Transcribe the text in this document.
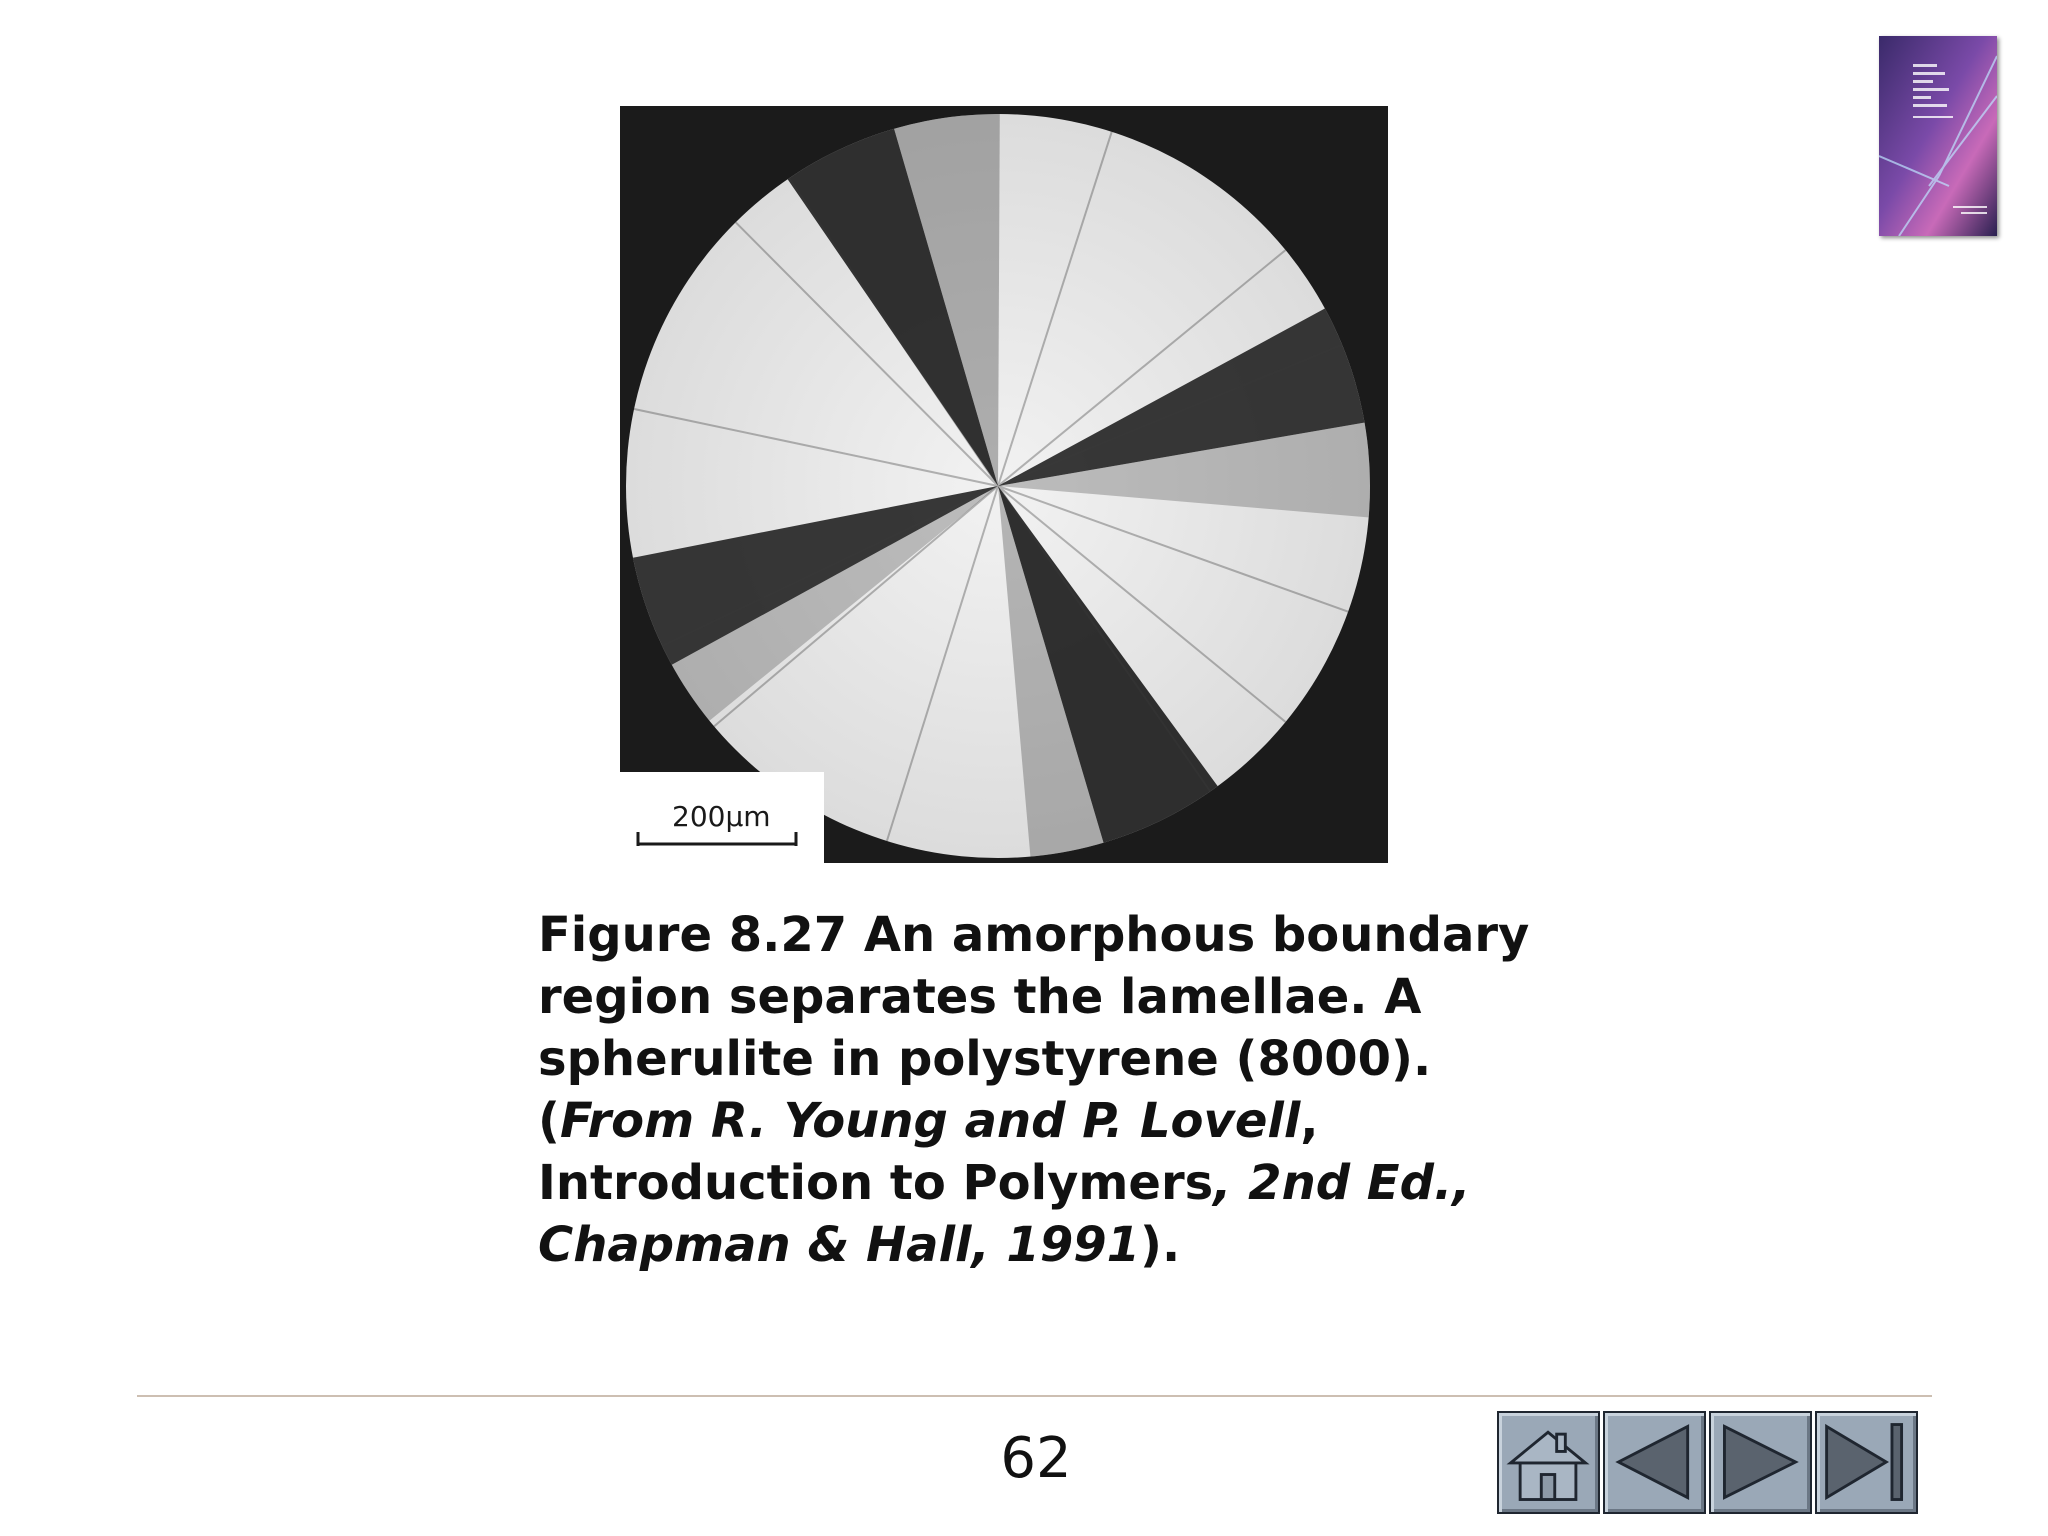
200µm

Figure 8.27 An amorphous boundary region separates the lamellae. A spherulite in polystyrene (8000). (From R. Young and P. Lovell, Introduction to Polymers, 2nd Ed., Chapman & Hall, 1991).

62
